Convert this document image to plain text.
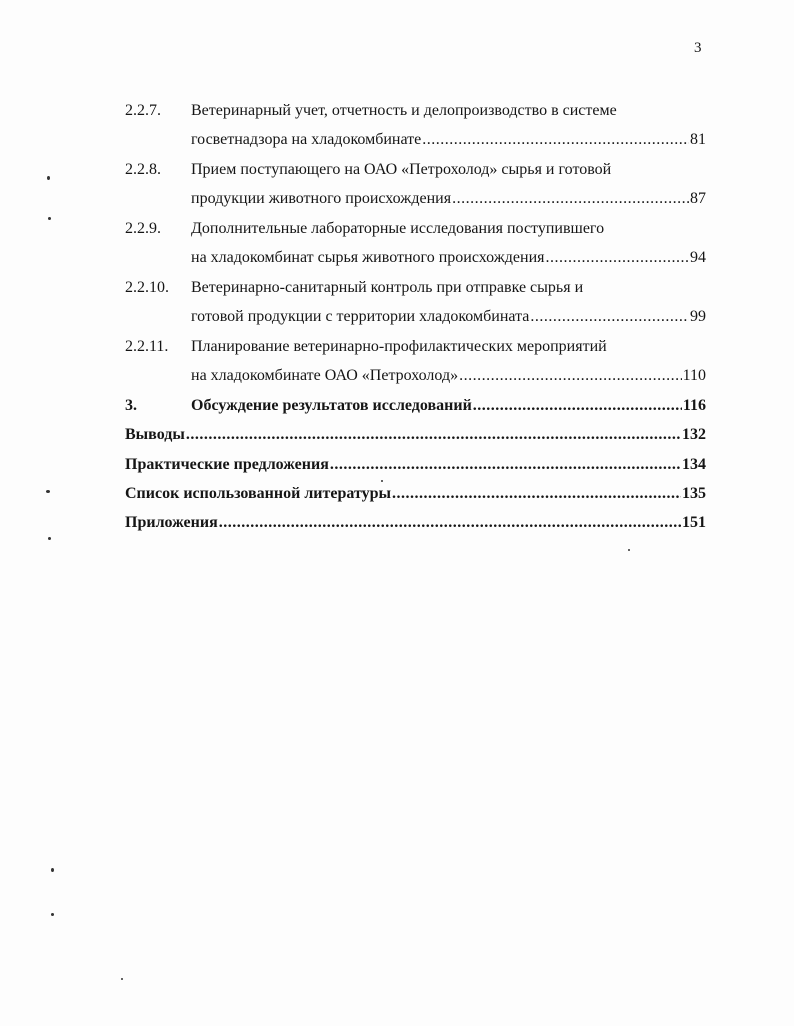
3
2.2.7. Ветеринарный учет, отчетность и делопроизводство в системе
госветнадзора на хладокомбинате .....	81
2.2.8. Прием поступающего на ОАО «Петрохолод» сырья и готовой
продукции животного происхождения .....	87
2.2.9. Дополнительные лабораторные исследования поступившего
на хладокомбинат сырья животного происхождения .....	94
2.2.10. Ветеринарно-санитарный контроль при отправке сырья и
готовой продукции с территории хладокомбината .....	99
2.2.11. Планирование ветеринарно-профилактических мероприятий
на хладокомбинате ОАО «Петрохолод» .....	110
3.	Обсуждение результатов исследований .....	116
Выводы .....	132
Практические предложения .....	134
Список использованной литературы .....	135
Приложения .....	151
